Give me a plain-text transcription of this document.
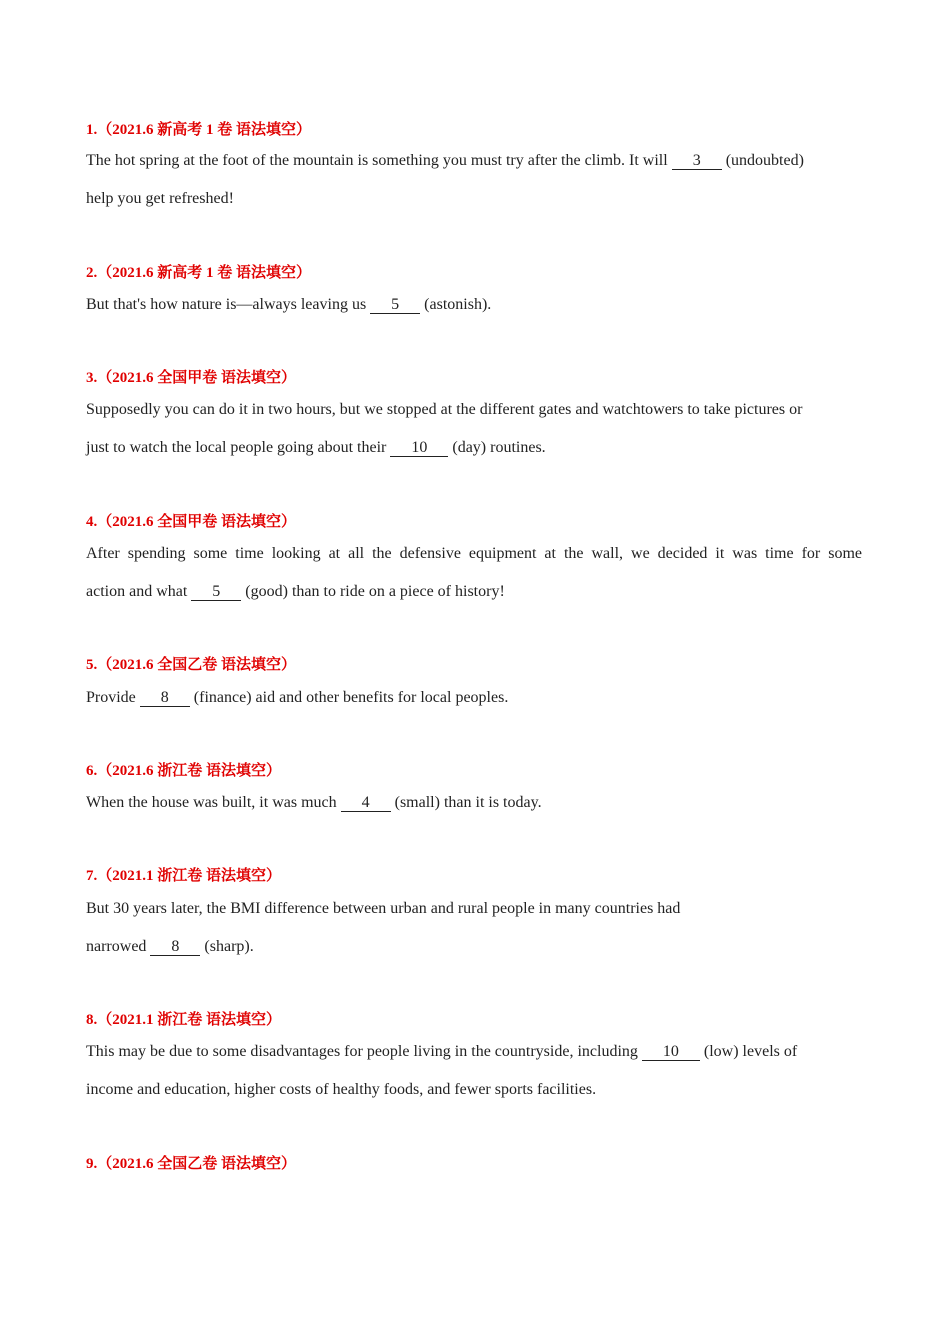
1.（2021.6 新高考 1 卷 语法填空）
The hot spring at the foot of the mountain is something you must try after the climb. It will 3 (undoubted)
help you get refreshed!
2.（2021.6 新高考 1 卷 语法填空）
But that's how nature is—always leaving us 5 (astonish).
3.（2021.6 全国甲卷 语法填空）
Supposedly you can do it in two hours, but we stopped at the different gates and watchtowers to take pictures or
just to watch the local people going about their 10 (day) routines.
4.（2021.6 全国甲卷 语法填空）
After spending some time looking at all the defensive equipment at the wall, we decided it was time for some
action and what 5 (good) than to ride on a piece of history!
5.（2021.6 全国乙卷 语法填空）
Provide 8 (finance) aid and other benefits for local peoples.
6.（2021.6 浙江卷 语法填空）
When the house was built, it was much 4 (small) than it is today.
7.（2021.1 浙江卷 语法填空）
But 30 years later, the BMI difference between urban and rural people in many countries had
narrowed 8 (sharp).
8.（2021.1 浙江卷 语法填空）
This may be due to some disadvantages for people living in the countryside, including 10 (low) levels of
income and education, higher costs of healthy foods, and fewer sports facilities.
9.（2021.6 全国乙卷 语法填空）
